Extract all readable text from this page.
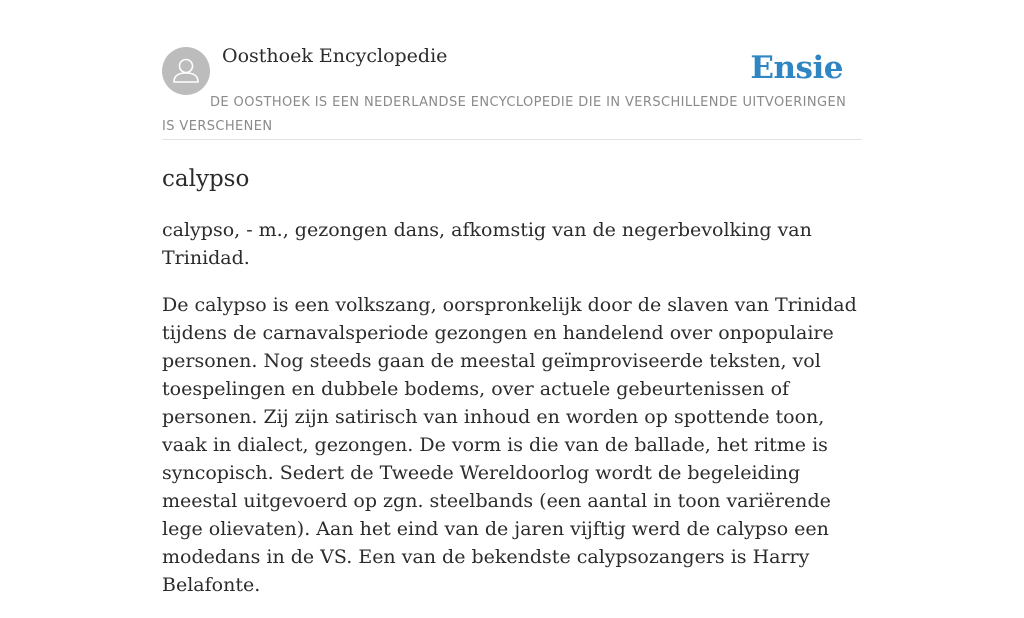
Oosthoek Encyclopedie	Ensie
DE OOSTHOEK IS EEN NEDERLANDSE ENCYCLOPEDIE DIE IN VERSCHILLENDE UITVOERINGEN IS VERSCHENEN
calypso

calypso, - m., gezongen dans, afkomstig van de negerbevolking van Trinidad.

De calypso is een volkszang, oorspronkelijk door de slaven van Trinidad tijdens de carnavalsperiode gezongen en handelend over onpopulaire personen. Nog steeds gaan de meestal geïmproviseerde teksten, vol toespelingen en dubbele bodems, over actuele gebeurtenissen of personen. Zij zijn satirisch van inhoud en worden op spottende toon, vaak in dialect, gezongen. De vorm is die van de ballade, het ritme is syncopisch. Sedert de Tweede Wereldoorlog wordt de begeleiding meestal uitgevoerd op zgn. steelbands (een aantal in toon variërende lege olievaten). Aan het eind van de jaren vijftig werd de calypso een modedans in de VS. Een van de bekendste calypsozangers is Harry Belafonte.
